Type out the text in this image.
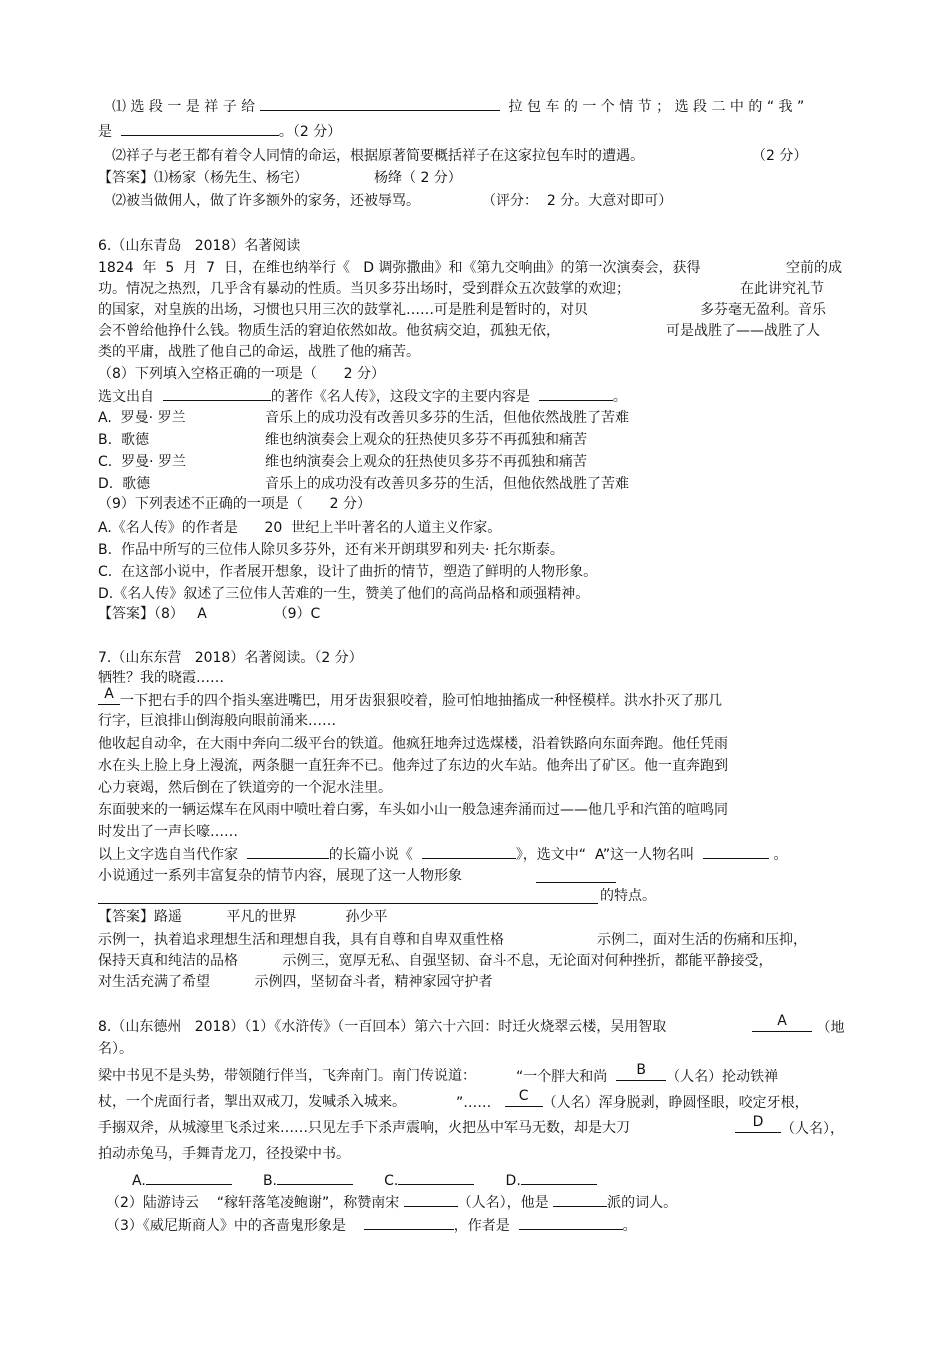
⑴ 选 段 一 是 祥 子 给	拉 包 车 的 一 个 情 节 ； 选 段 二 中 的 “ 我 ”
是	。（2 分）
⑵祥子与老王都有着令人同情的命运，根据原著简要概括祥子在这家拉包车时的遭遇。	（2 分）
【答案】⑴杨家（杨先生、杨宅）	杨绛（ 2 分）
⑵被当做佣人，做了许多额外的家务，还被辱骂。	（评分：  2 分。大意对即可）
6.（山东青岛   2018）名著阅读
1824  年  5  月  7  日，在维也纳举行《   D 调弥撒曲》和《第九交响曲》的第一次演奏会，获得	空前的成
功。情况之热烈，几乎含有暴动的性质。当贝多芬出场时，受到群众五次鼓掌的欢迎；	在此讲究礼节
的国家，对皇族的出场，习惯也只用三次的鼓掌礼……可是胜利是暂时的，对贝	多芬毫无盈利。音乐
会不曾给他挣什么钱。物质生活的窘迫依然如故。他贫病交迫，孤独无依，	可是战胜了——战胜了人
类的平庸，战胜了他自己的命运，战胜了他的痛苦。
（8）下列填入空格正确的一项是（      2 分）
选文出自	的著作《名人传》，这段文字的主要内容是	。
A.  罗曼· 罗兰	音乐上的成功没有改善贝多芬的生活，但他依然战胜了苦难
B.  歌德	维也纳演奏会上观众的狂热使贝多芬不再孤独和痛苦
C.  罗曼· 罗兰	维也纳演奏会上观众的狂热使贝多芬不再孤独和痛苦
D.  歌德	音乐上的成功没有改善贝多芬的生活，但他依然战胜了苦难
（9）下列表述不正确的一项是（      2 分）
A.《名人传》的作者是      20  世纪上半叶著名的人道主义作家。
B.  作品中所写的三位伟人除贝多芬外，还有米开朗琪罗和列夫· 托尔斯泰。
C.  在这部小说中，作者展开想象，设计了曲折的情节，塑造了鲜明的人物形象。
D.《名人传》叙述了三位伟人苦难的一生，赞美了他们的高尚品格和顽强精神。
【答案】（8）   A               （9）C
7.（山东东营   2018）名著阅读。（2 分）
牺牲？我的晓霞……
A 一下把右手的四个指头塞进嘴巴，用牙齿狠狠咬着，脸可怕地抽搐成一种怪模样。洪水扑灭了那几
行字，巨浪排山倒海般向眼前涌来……
他收起自动伞，在大雨中奔向二级平台的铁道。他疯狂地奔过选煤楼，沿着铁路向东面奔跑。他任凭雨
水在头上脸上身上漫流，两条腿一直狂奔不已。他奔过了东边的火车站。他奔出了矿区。他一直奔跑到
心力衰竭，然后倒在了铁道旁的一个泥水洼里。
东面驶来的一辆运煤车在风雨中喷吐着白雾，车头如小山一般急速奔涌而过——他几乎和汽笛的喧鸣同
时发出了一声长嚎……
以上文字选自当代作家	的长篇小说《	》，选文中“  A”这一人物名叫	。
小说通过一系列丰富复杂的情节内容，展现了这一人物形象
的特点。
【答案】路遥          平凡的世界           孙少平
示例一，执着追求理想生活和理想自我，具有自尊和自卑双重性格	示例二，面对生活的伤痛和压抑，
保持天真和纯洁的品格          示例三，宽厚无私、自强坚韧、奋斗不息，无论面对何种挫折，都能平静接受，
对生活充满了希望          示例四，坚韧奋斗者，精神家园守护者
8.（山东德州   2018）（1）《水浒传》（一百回本）第六十六回：时迁火烧翠云楼，吴用智取	A	（地
名）。
梁中书见不是头势，带领随行伴当，飞奔南门。南门传说道：	“一个胖大和尚	B	（人名）抡动铁禅
杖，一个虎面行者，掣出双戒刀，发喊杀入城来。	”……	C	（人名）浑身脱剥，睁圆怪眼，咬定牙根，
手搦双斧，从城濠里飞杀过来……只见左手下杀声震响，火把丛中军马无数，却是大刀	D	（人名），
拍动赤兔马，手舞青龙刀，径投梁中书。
A.	B.	C.	D.
（2）陆游诗云    “稼轩落笔凌鲍谢”，称赞南宋	（人名），他是	派的词人。
（3）《威尼斯商人》中的吝啬鬼形象是	，作者是	。
